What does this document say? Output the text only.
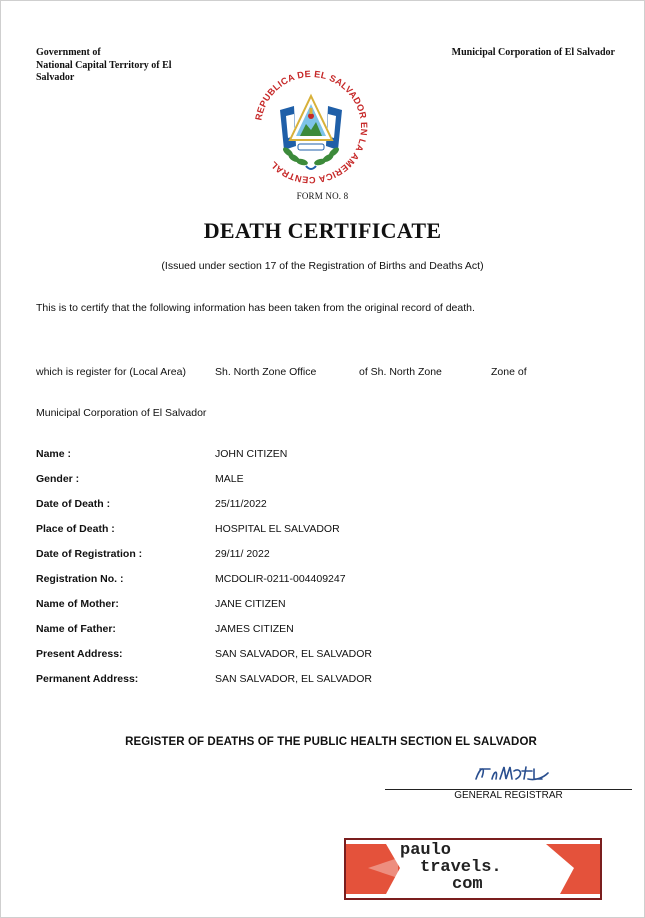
Government of
National Capital Territory of El
Salvador
Municipal Corporation of El Salvador
REPUBLICA DE EL SALVADOR EN LA AMERICA CENTRAL
FORM NO. 8
DEATH CERTIFICATE
(Issued under section 17 of the Registration of Births and Deaths Act)
This is to certify that the following information has been taken from the original record of death.
which is register for (Local Area)	Sh. North Zone Office	of Sh. North Zone	Zone of
Municipal Corporation of El Salvador
Name :	JOHN CITIZEN
Gender :	MALE
Date of Death :	25/11/2022
Place of Death :	HOSPITAL EL SALVADOR
Date of Registration :	29/11/ 2022
Registration No. :	MCDOLIR-0211-004409247
Name of Mother:	JANE CITIZEN
Name of Father:	JAMES CITIZEN
Present Address:	SAN SALVADOR, EL SALVADOR
Permanent Address:	SAN SALVADOR, EL SALVADOR
REGISTER OF DEATHS OF THE PUBLIC HEALTH SECTION EL SALVADOR
GENERAL REGISTRAR
paulo
travels.
com
